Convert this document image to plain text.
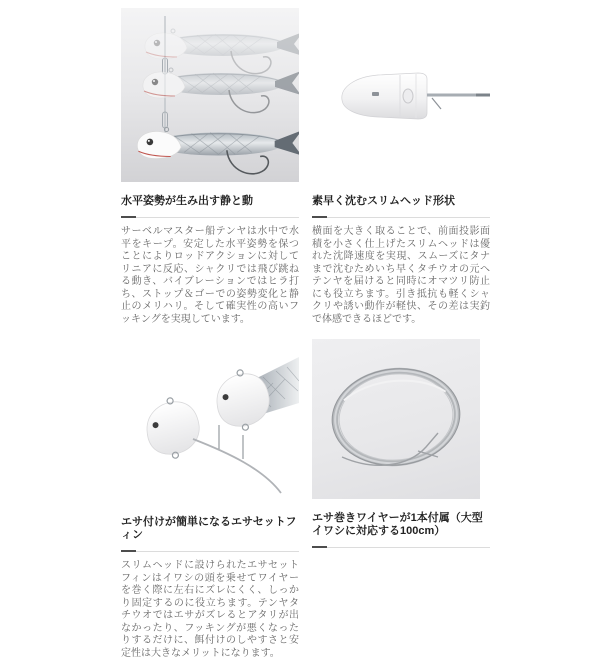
水平姿勢が生み出す静と動
サーベルマスター船テンヤは水中で水平をキープ。安定した水平姿勢を保つことによりロッドアクションに対してリニアに反応、シャクリでは飛び跳ねる動き、バイブレーションではヒラ打ち、ストップ＆ゴーでの姿勢変化と静止のメリハリ。そして確実性の高いフッキングを実現しています。
素早く沈むスリムヘッド形状
横面を大きく取ることで、前面投影面積を小さく仕上げたスリムヘッドは優れた沈降速度を実現、スムーズにタナまで沈むためいち早くタチウオの元へテンヤを届けると同時にオマツリ防止にも役立ちます。引き抵抗も軽くシャクリや誘い動作が軽快、その差は実釣で体感できるほどです。
エサ付けが簡単になるエサセットフィン
スリムヘッドに設けられたエサセットフィンはイワシの頭を乗せてワイヤーを巻く際に左右にズレにくく、しっかり固定するのに役立ちます。テンヤタチウオではエサがズレるとアタリが出なかったり、フッキングが悪くなったりするだけに、餌付けのしやすさと安定性は大きなメリットになります。
エサ巻きワイヤーが1本付属（大型イワシに対応する100cm）
